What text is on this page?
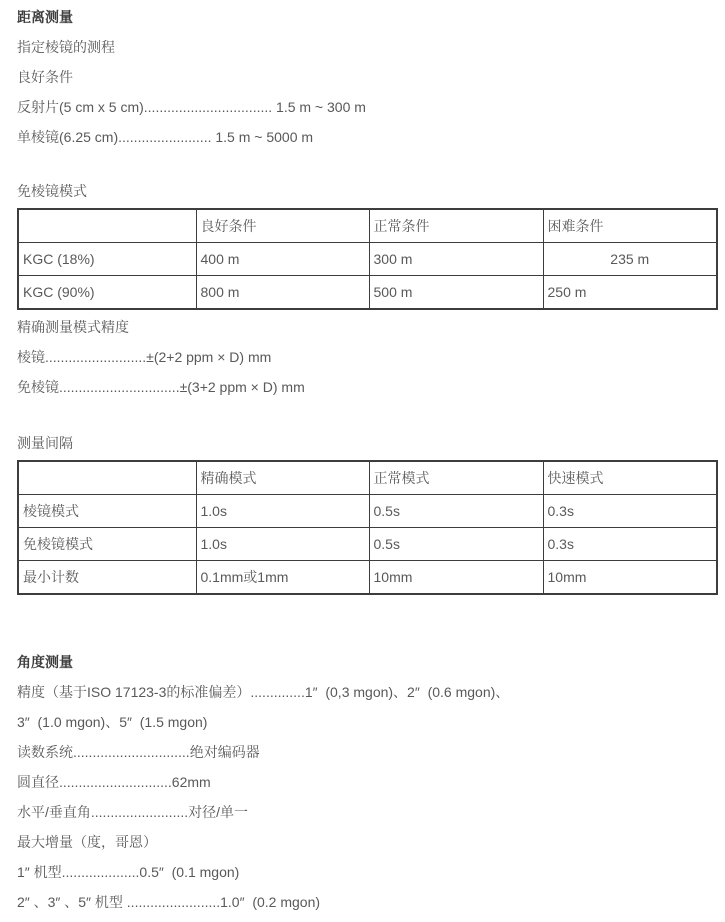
距离测量

指定棱镜的测程

良好条件

反射片(5 cm x 5 cm)................................. 1.5 m ~ 300 m

单棱镜(6.25 cm)........................ 1.5 m ~ 5000 m

免棱镜模式

	良好条件	正常条件	困难条件
KGC (18%)	400 m	300 m	235 m
KGC (90%)	800 m	500 m	250 m

精确测量模式精度

棱镜..........................±(2+2 ppm × D) mm

免棱镜...............................±(3+2 ppm × D) mm

测量间隔

	精确模式	正常模式	快速模式
棱镜模式	1.0s	0.5s	0.3s
免棱镜模式	1.0s	0.5s	0.3s
最小计数	0.1mm或1mm	10mm	10mm

角度测量

精度（基于ISO 17123-3的标准偏差）..............1″  (0,3 mgon)、2″  (0.6 mgon)、

3″  (1.0 mgon)、5″  (1.5 mgon)

读数系统..............................绝对编码器

圆直径.............................62mm

水平/垂直角.........................对径/单一

最大增量（度，哥恩）

1″ 机型....................0.5″  (0.1 mgon)

2″ 、3″ 、5″ 机型 ........................1.0″  (0.2 mgon)
